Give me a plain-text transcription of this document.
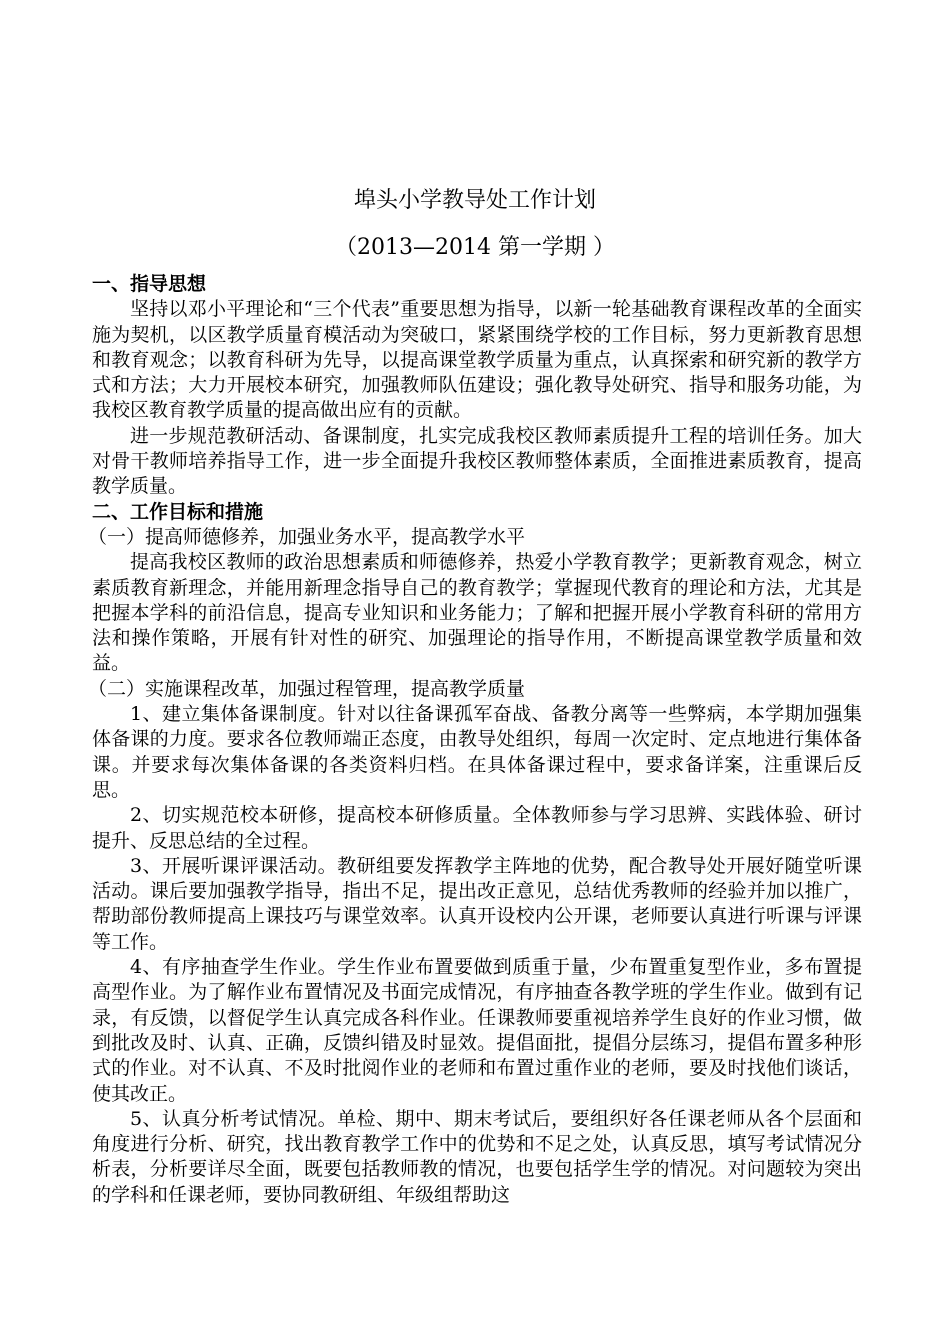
埠头小学教导处工作计划
（2013—2014 第一学期 ）

一、指导思想

坚持以邓小平理论和“三个代表”重要思想为指导，以新一轮基础教育课程改革的全面实施为契机，以区教学质量育模活动为突破口，紧紧围绕学校的工作目标，努力更新教育思想和教育观念；以教育科研为先导，以提高课堂教学质量为重点，认真探索和研究新的教学方式和方法；大力开展校本研究，加强教师队伍建设；强化教导处研究、指导和服务功能，为我校区教育教学质量的提高做出应有的贡献。

进一步规范教研活动、备课制度，扎实完成我校区教师素质提升工程的培训任务。加大对骨干教师培养指导工作，进一步全面提升我校区教师整体素质，全面推进素质教育，提高教学质量。

二、工作目标和措施

（一）提高师德修养，加强业务水平，提高教学水平

提高我校区教师的政治思想素质和师德修养，热爱小学教育教学；更新教育观念，树立素质教育新理念，并能用新理念指导自己的教育教学；掌握现代教育的理论和方法，尤其是把握本学科的前沿信息，提高专业知识和业务能力；了解和把握开展小学教育科研的常用方法和操作策略，开展有针对性的研究、加强理论的指导作用，不断提高课堂教学质量和效益。

（二）实施课程改革，加强过程管理，提高教学质量

1、建立集体备课制度。针对以往备课孤军奋战、备教分离等一些弊病，本学期加强集体备课的力度。要求各位教师端正态度，由教导处组织，每周一次定时、定点地进行集体备课。并要求每次集体备课的各类资料归档。在具体备课过程中，要求备详案，注重课后反思。

2、切实规范校本研修，提高校本研修质量。全体教师参与学习思辨、实践体验、研讨提升、反思总结的全过程。

3、开展听课评课活动。教研组要发挥教学主阵地的优势，配合教导处开展好随堂听课活动。课后要加强教学指导，指出不足，提出改正意见，总结优秀教师的经验并加以推广，帮助部份教师提高上课技巧与课堂效率。认真开设校内公开课，老师要认真进行听课与评课等工作。

4、有序抽查学生作业。学生作业布置要做到质重于量，少布置重复型作业，多布置提高型作业。为了解作业布置情况及书面完成情况，有序抽查各教学班的学生作业。做到有记录，有反馈，以督促学生认真完成各科作业。任课教师要重视培养学生良好的作业习惯，做到批改及时、认真、正确，反馈纠错及时显效。提倡面批，提倡分层练习，提倡布置多种形式的作业。对不认真、不及时批阅作业的老师和布置过重作业的老师，要及时找他们谈话，使其改正。

5、认真分析考试情况。单检、期中、期末考试后，要组织好各任课老师从各个层面和角度进行分析、研究，找出教育教学工作中的优势和不足之处，认真反思，填写考试情况分析表，分析要详尽全面，既要包括教师教的情况，也要包括学生学的情况。对问题较为突出的学科和任课老师，要协同教研组、年级组帮助这
